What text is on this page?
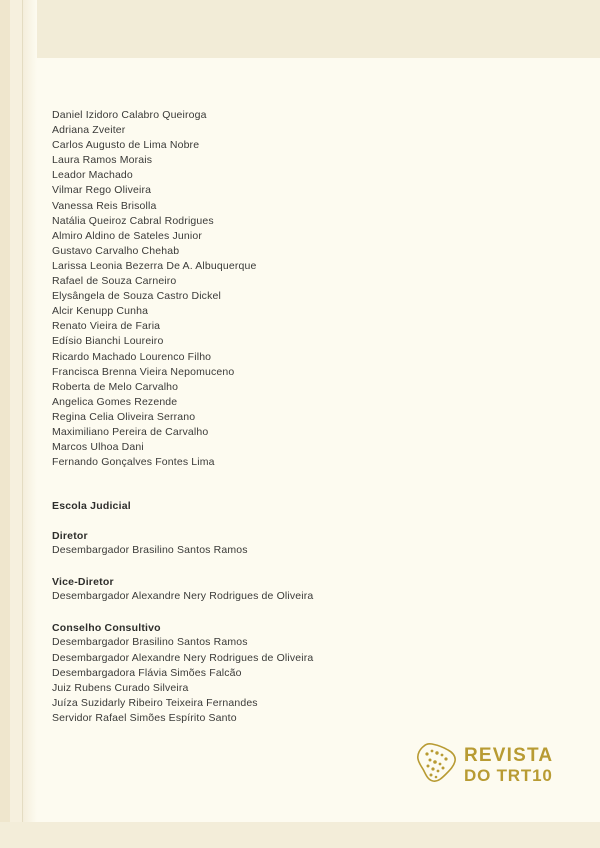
Daniel Izidoro Calabro Queiroga
Adriana Zveiter
Carlos Augusto de Lima Nobre
Laura Ramos Morais
Leador Machado
Vilmar Rego Oliveira
Vanessa Reis Brisolla
Natália Queiroz Cabral Rodrigues
Almiro Aldino de Sateles Junior
Gustavo Carvalho Chehab
Larissa Leonia Bezerra De A. Albuquerque
Rafael de Souza Carneiro
Elysângela de Souza Castro Dickel
Alcir Kenupp Cunha
Renato Vieira de Faria
Edísio Bianchi Loureiro
Ricardo Machado Lourenco Filho
Francisca Brenna Vieira Nepomuceno
Roberta de Melo Carvalho
Angelica Gomes Rezende
Regina Celia Oliveira Serrano
Maximiliano Pereira de Carvalho
Marcos Ulhoa Dani
Fernando Gonçalves Fontes Lima
Escola Judicial
Diretor
Desembargador Brasilino Santos Ramos
Vice-Diretor
Desembargador Alexandre Nery Rodrigues de Oliveira
Conselho Consultivo
Desembargador Brasilino Santos Ramos
Desembargador Alexandre Nery Rodrigues de Oliveira
Desembargadora Flávia Simões Falcão
Juiz Rubens Curado Silveira
Juíza Suzidarly Ribeiro Teixeira Fernandes
Servidor Rafael Simões Espírito Santo
REVISTA
DO TRT10
